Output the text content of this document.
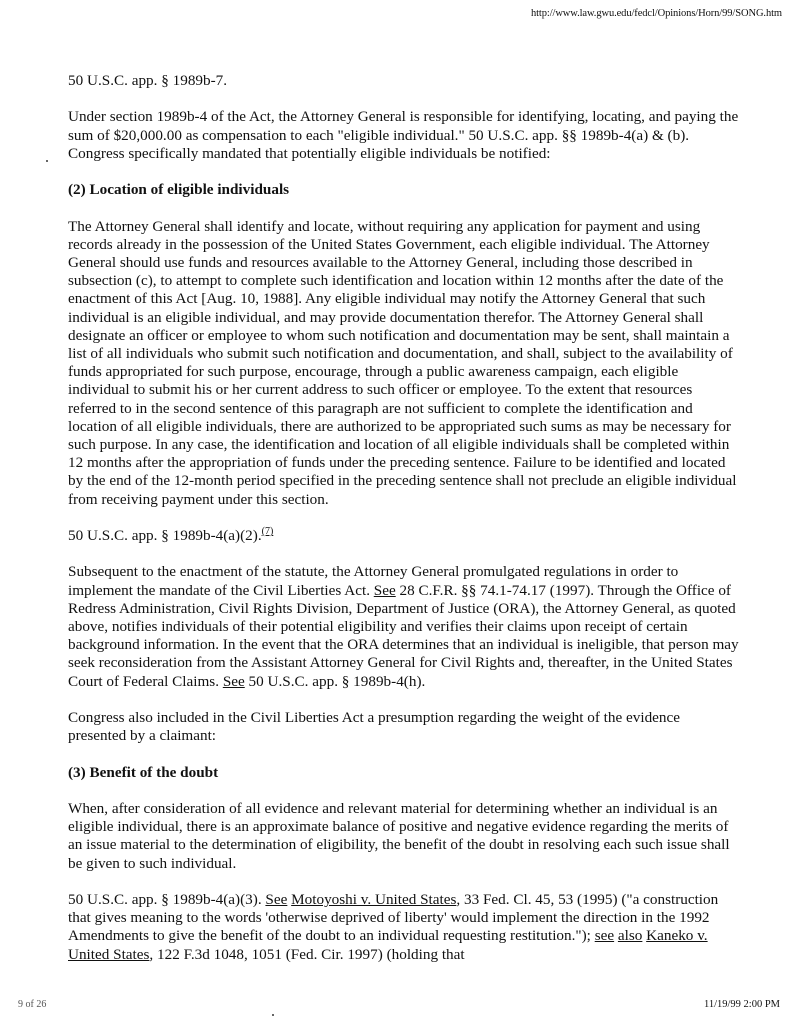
http://www.law.gwu.edu/fedcl/Opinions/Horn/99/SONG.htm

50 U.S.C. app. § 1989b-7.

Under section 1989b-4 of the Act, the Attorney General is responsible for identifying, locating, and paying the sum of $20,000.00 as compensation to each "eligible individual." 50 U.S.C. app. §§ 1989b-4(a) & (b). Congress specifically mandated that potentially eligible individuals be notified:

(2) Location of eligible individuals

The Attorney General shall identify and locate, without requiring any application for payment and using records already in the possession of the United States Government, each eligible individual. The Attorney General should use funds and resources available to the Attorney General, including those described in subsection (c), to attempt to complete such identification and location within 12 months after the date of the enactment of this Act [Aug. 10, 1988]. Any eligible individual may notify the Attorney General that such individual is an eligible individual, and may provide documentation therefor. The Attorney General shall designate an officer or employee to whom such notification and documentation may be sent, shall maintain a list of all individuals who submit such notification and documentation, and shall, subject to the availability of funds appropriated for such purpose, encourage, through a public awareness campaign, each eligible individual to submit his or her current address to such officer or employee. To the extent that resources referred to in the second sentence of this paragraph are not sufficient to complete the identification and location of all eligible individuals, there are authorized to be appropriated such sums as may be necessary for such purpose. In any case, the identification and location of all eligible individuals shall be completed within 12 months after the appropriation of funds under the preceding sentence. Failure to be identified and located by the end of the 12-month period specified in the preceding sentence shall not preclude an eligible individual from receiving payment under this section.

50 U.S.C. app. § 1989b-4(a)(2).$^{(7)}$

Subsequent to the enactment of the statute, the Attorney General promulgated regulations in order to implement the mandate of the Civil Liberties Act. See 28 C.F.R. §§ 74.1-74.17 (1997). Through the Office of Redress Administration, Civil Rights Division, Department of Justice (ORA), the Attorney General, as quoted above, notifies individuals of their potential eligibility and verifies their claims upon receipt of certain background information. In the event that the ORA determines that an individual is ineligible, that person may seek reconsideration from the Assistant Attorney General for Civil Rights and, thereafter, in the United States Court of Federal Claims. See 50 U.S.C. app. § 1989b-4(h).

Congress also included in the Civil Liberties Act a presumption regarding the weight of the evidence presented by a claimant:

(3) Benefit of the doubt

When, after consideration of all evidence and relevant material for determining whether an individual is an eligible individual, there is an approximate balance of positive and negative evidence regarding the merits of an issue material to the determination of eligibility, the benefit of the doubt in resolving each such issue shall be given to such individual.

50 U.S.C. app. § 1989b-4(a)(3). See Motoyoshi v. United States, 33 Fed. Cl. 45, 53 (1995) ("a construction that gives meaning to the words 'otherwise deprived of liberty' would implement the direction in the 1992 Amendments to give the benefit of the doubt to an individual requesting restitution."); see also Kaneko v. United States, 122 F.3d 1048, 1051 (Fed. Cir. 1997) (holding that

9 of 26	11/19/99 2:00 PM
